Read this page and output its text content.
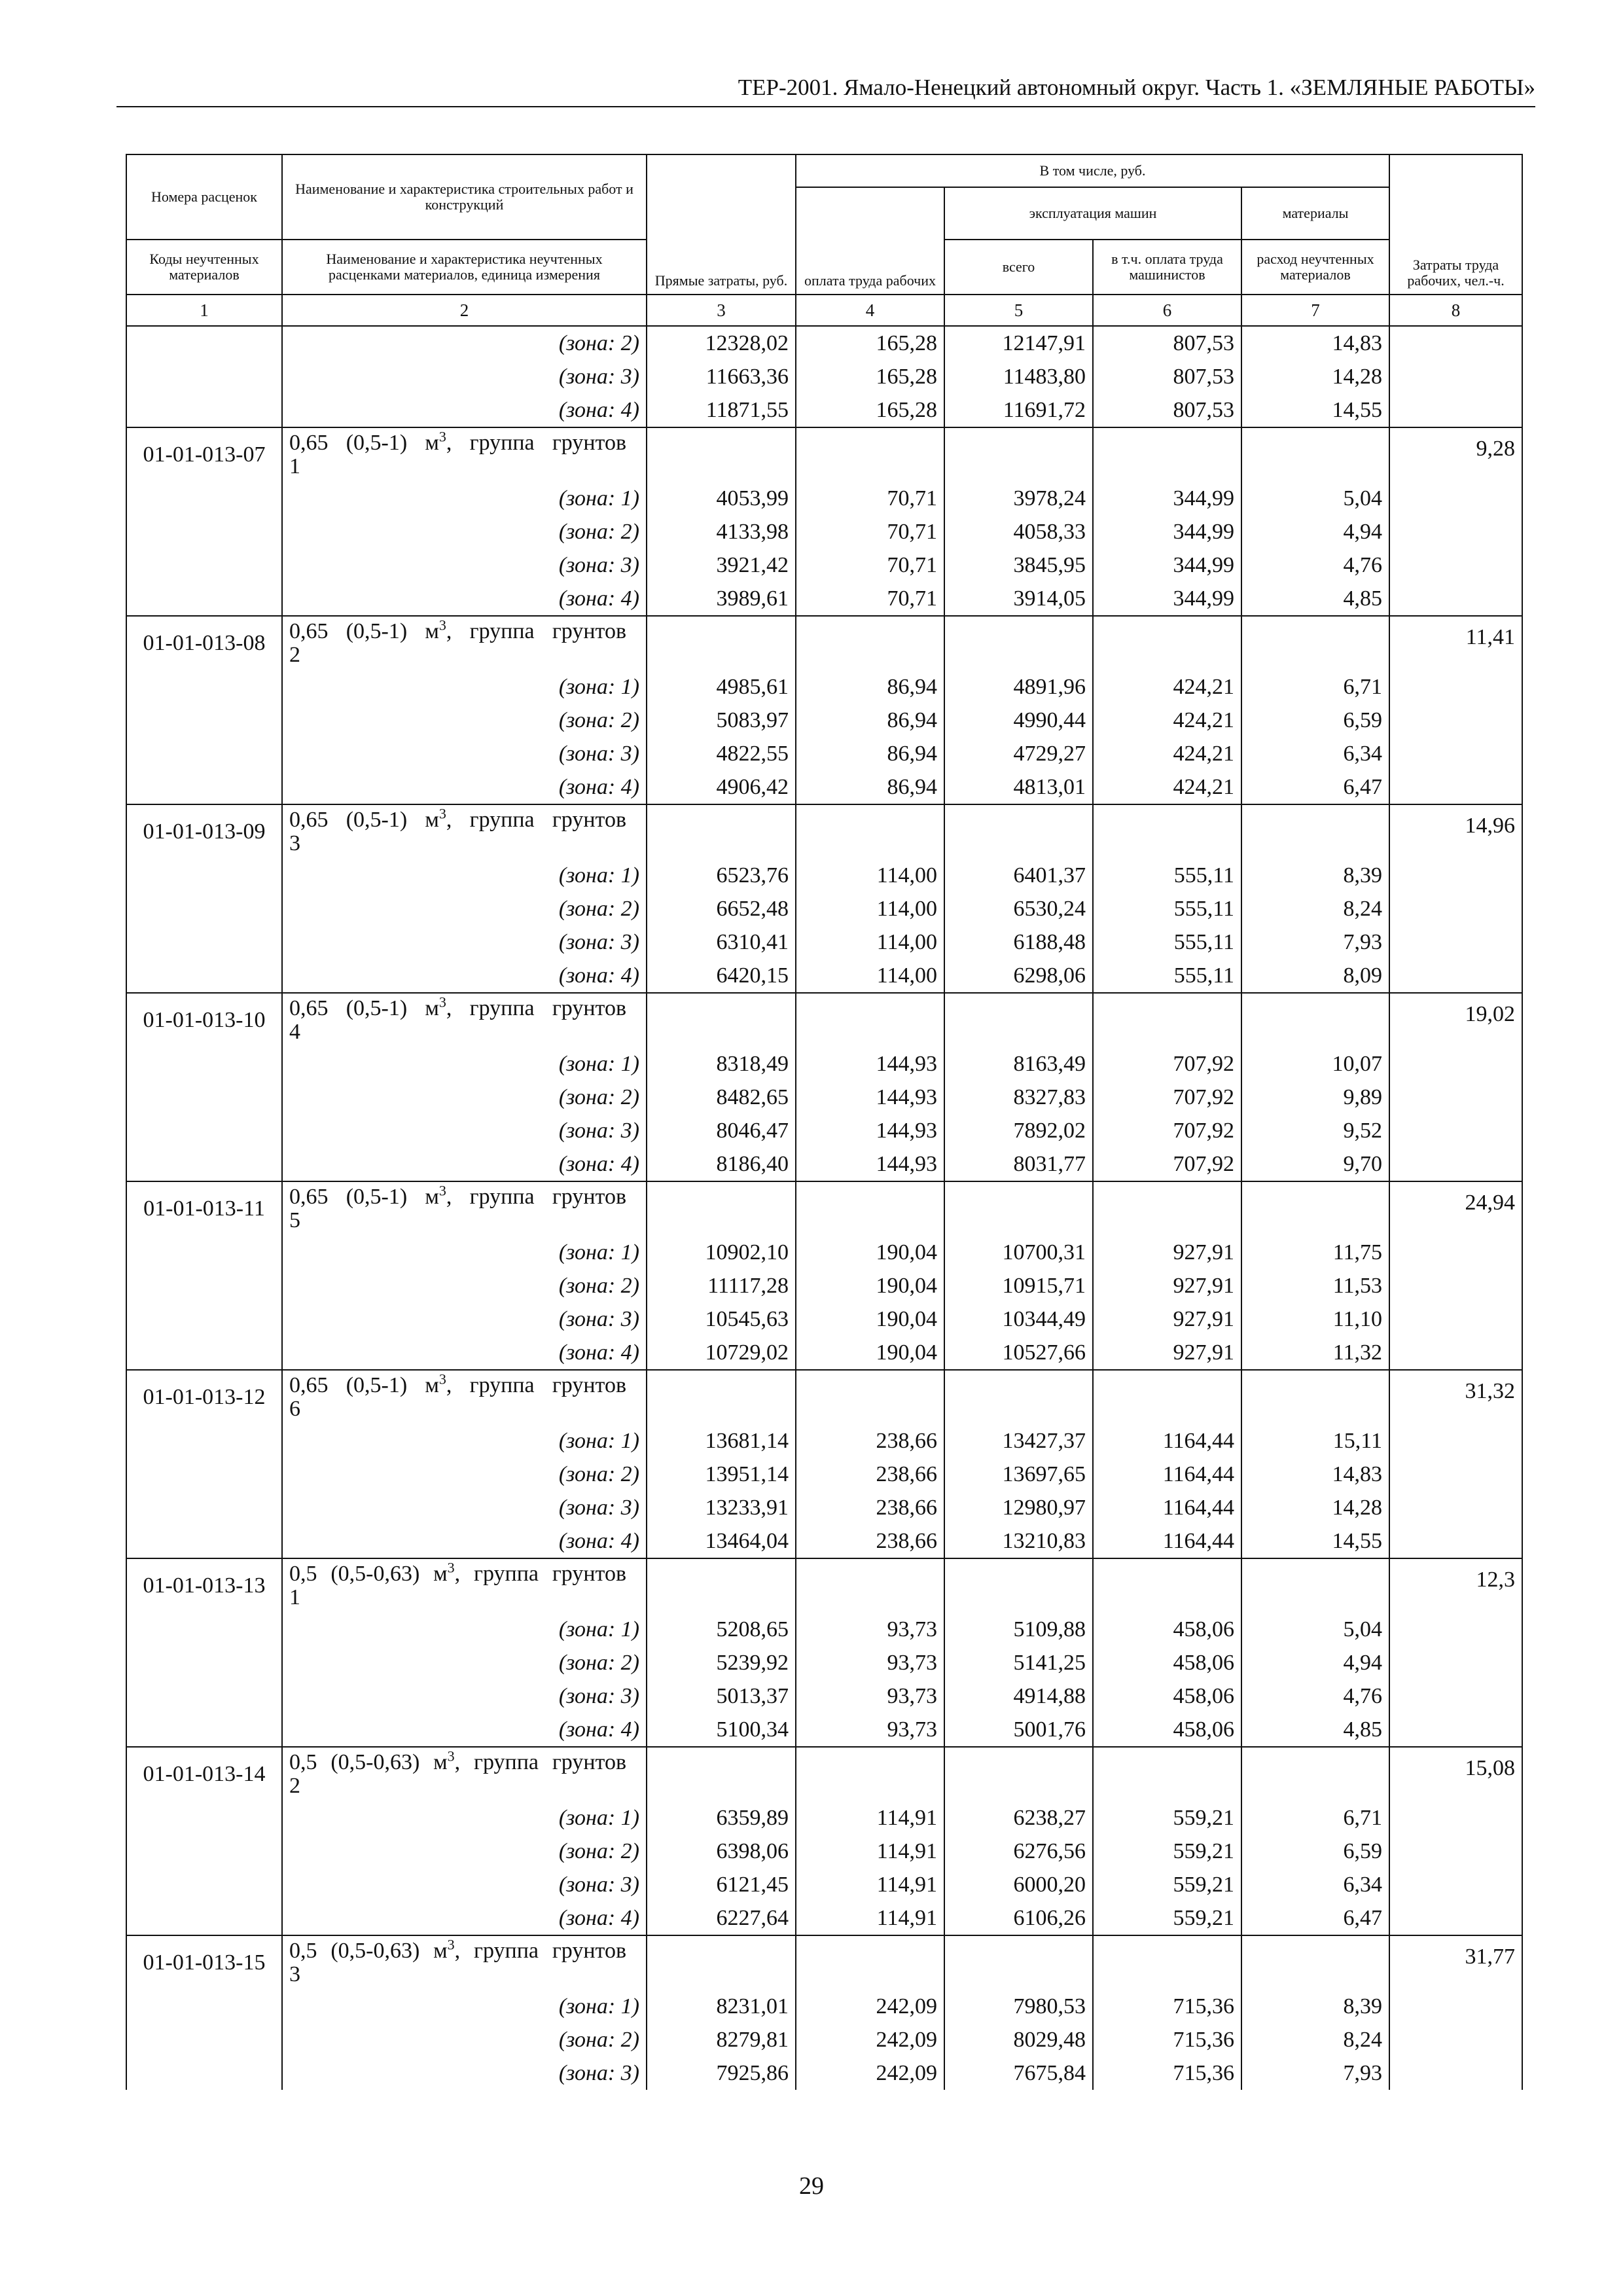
ТЕР-2001. Ямало-Ненецкий автономный округ. Часть 1. «ЗЕМЛЯНЫЕ РАБОТЫ»
Номера расценок	Наименование и характеристика строительных работ и конструкций	Прямые затраты, руб.	В том числе, руб.				Затраты труда рабочих, чел.-ч.
			оплата труда рабочих	эксплуатация машин		материалы	
Коды неучтенных материалов	Наименование и характеристика неучтенных расценками материалов, единица измерения			всего	в т.ч. оплата труда машинистов	расход неучтенных материалов	
1	2	3	4	5	6	7	8
	(зона: 2)	12328,02	165,28	12147,91	807,53	14,83	
	(зона: 3)	11663,36	165,28	11483,80	807,53	14,28	
	(зона: 4)	11871,55	165,28	11691,72	807,53	14,55	
01-01-013-07	0,65 (0,5-1) $м^3$, группа грунтов
1						9,28
	(зона: 1)	4053,99	70,71	3978,24	344,99	5,04	
	(зона: 2)	4133,98	70,71	4058,33	344,99	4,94	
	(зона: 3)	3921,42	70,71	3845,95	344,99	4,76	
	(зона: 4)	3989,61	70,71	3914,05	344,99	4,85	
01-01-013-08	0,65 (0,5-1) $м^3$, группа грунтов
2						11,41
	(зона: 1)	4985,61	86,94	4891,96	424,21	6,71	
	(зона: 2)	5083,97	86,94	4990,44	424,21	6,59	
	(зона: 3)	4822,55	86,94	4729,27	424,21	6,34	
	(зона: 4)	4906,42	86,94	4813,01	424,21	6,47	
01-01-013-09	0,65 (0,5-1) $м^3$, группа грунтов
3						14,96
	(зона: 1)	6523,76	114,00	6401,37	555,11	8,39	
	(зона: 2)	6652,48	114,00	6530,24	555,11	8,24	
	(зона: 3)	6310,41	114,00	6188,48	555,11	7,93	
	(зона: 4)	6420,15	114,00	6298,06	555,11	8,09	
01-01-013-10	0,65 (0,5-1) $м^3$, группа грунтов
4						19,02
	(зона: 1)	8318,49	144,93	8163,49	707,92	10,07	
	(зона: 2)	8482,65	144,93	8327,83	707,92	9,89	
	(зона: 3)	8046,47	144,93	7892,02	707,92	9,52	
	(зона: 4)	8186,40	144,93	8031,77	707,92	9,70	
01-01-013-11	0,65 (0,5-1) $м^3$, группа грунтов
5						24,94
	(зона: 1)	10902,10	190,04	10700,31	927,91	11,75	
	(зона: 2)	11117,28	190,04	10915,71	927,91	11,53	
	(зона: 3)	10545,63	190,04	10344,49	927,91	11,10	
	(зона: 4)	10729,02	190,04	10527,66	927,91	11,32	
01-01-013-12	0,65 (0,5-1) $м^3$, группа грунтов
6						31,32
	(зона: 1)	13681,14	238,66	13427,37	1164,44	15,11	
	(зона: 2)	13951,14	238,66	13697,65	1164,44	14,83	
	(зона: 3)	13233,91	238,66	12980,97	1164,44	14,28	
	(зона: 4)	13464,04	238,66	13210,83	1164,44	14,55	
01-01-013-13	0,5 (0,5-0,63) $м^3$, группа грунтов
1						12,3
	(зона: 1)	5208,65	93,73	5109,88	458,06	5,04	
	(зона: 2)	5239,92	93,73	5141,25	458,06	4,94	
	(зона: 3)	5013,37	93,73	4914,88	458,06	4,76	
	(зона: 4)	5100,34	93,73	5001,76	458,06	4,85	
01-01-013-14	0,5 (0,5-0,63) $м^3$, группа грунтов
2						15,08
	(зона: 1)	6359,89	114,91	6238,27	559,21	6,71	
	(зона: 2)	6398,06	114,91	6276,56	559,21	6,59	
	(зона: 3)	6121,45	114,91	6000,20	559,21	6,34	
	(зона: 4)	6227,64	114,91	6106,26	559,21	6,47	
01-01-013-15	0,5 (0,5-0,63) $м^3$, группа грунтов
3						31,77
	(зона: 1)	8231,01	242,09	7980,53	715,36	8,39	
	(зона: 2)	8279,81	242,09	8029,48	715,36	8,24	
	(зона: 3)	7925,86	242,09	7675,84	715,36	7,93	
29
